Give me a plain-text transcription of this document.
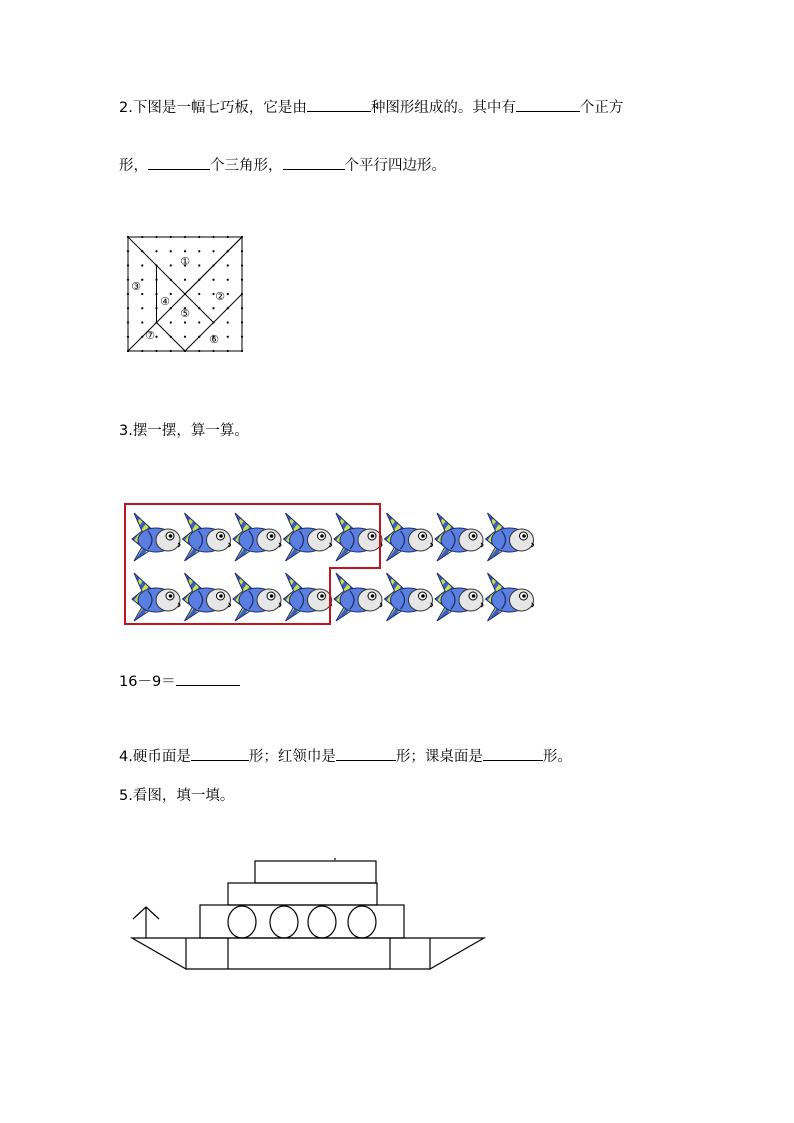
2.下图是一幅七巧板，它是由	种图形组成的。其中有	个正方
形，	个三角形，	个平行四边形。
①
②
③
④
⑤
⑥
⑦
3.摆一摆，算一算。
16－9＝
4.硬币面是	形；红领巾是	形；课桌面是	形。
5.看图，填一填。
